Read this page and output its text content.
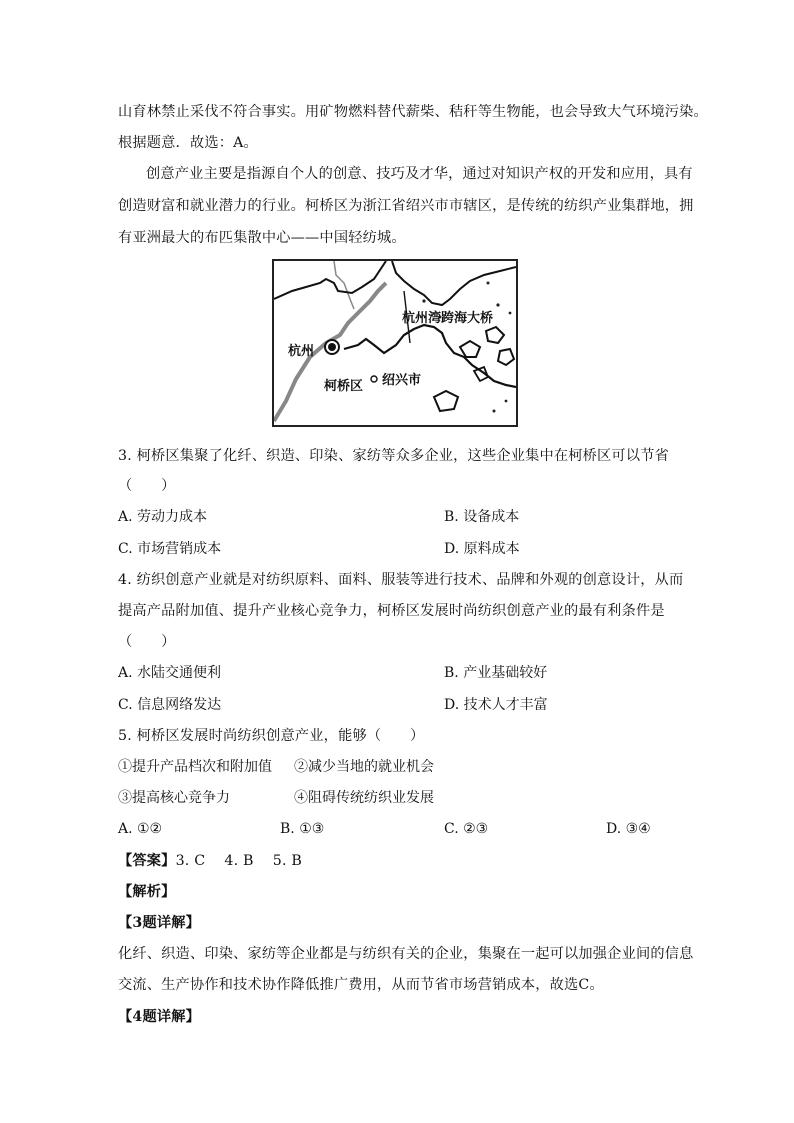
山育林禁止采伐不符合事实。用矿物燃料替代薪柴、秸秆等生物能，也会导致大气环境污染。
根据题意．故选：A。
创意产业主要是指源自个人的创意、技巧及才华，通过对知识产权的开发和应用，具有
创造财富和就业潜力的行业。柯桥区为浙江省绍兴市市辖区，是传统的纺织产业集群地，拥
有亚洲最大的布匹集散中心——中国轻纺城。
杭州湾跨海大桥
杭州
柯桥区 绍兴市
3. 柯桥区集聚了化纤、织造、印染、家纺等众多企业，这些企业集中在柯桥区可以节省
（　　）
A. 劳动力成本	B. 设备成本
C. 市场营销成本	D. 原料成本
4. 纺织创意产业就是对纺织原料、面料、服装等进行技术、品牌和外观的创意设计，从而
提高产品附加值、提升产业核心竞争力，柯桥区发展时尚纺织创意产业的最有利条件是
（　　）
A. 水陆交通便利	B. 产业基础较好
C. 信息网络发达	D. 技术人才丰富
5. 柯桥区发展时尚纺织创意产业，能够（　　）
①提升产品档次和附加值 ②减少当地的就业机会
③提高核心竞争力	④阻碍传统纺织业发展
A. ①②	B. ①③	C. ②③	D. ③④
【答案】3. C　 4. B　 5. B
【解析】
【3题详解】
化纤、织造、印染、家纺等企业都是与纺织有关的企业，集聚在一起可以加强企业间的信息
交流、生产协作和技术协作降低推广费用，从而节省市场营销成本，故选C。
【4题详解】
